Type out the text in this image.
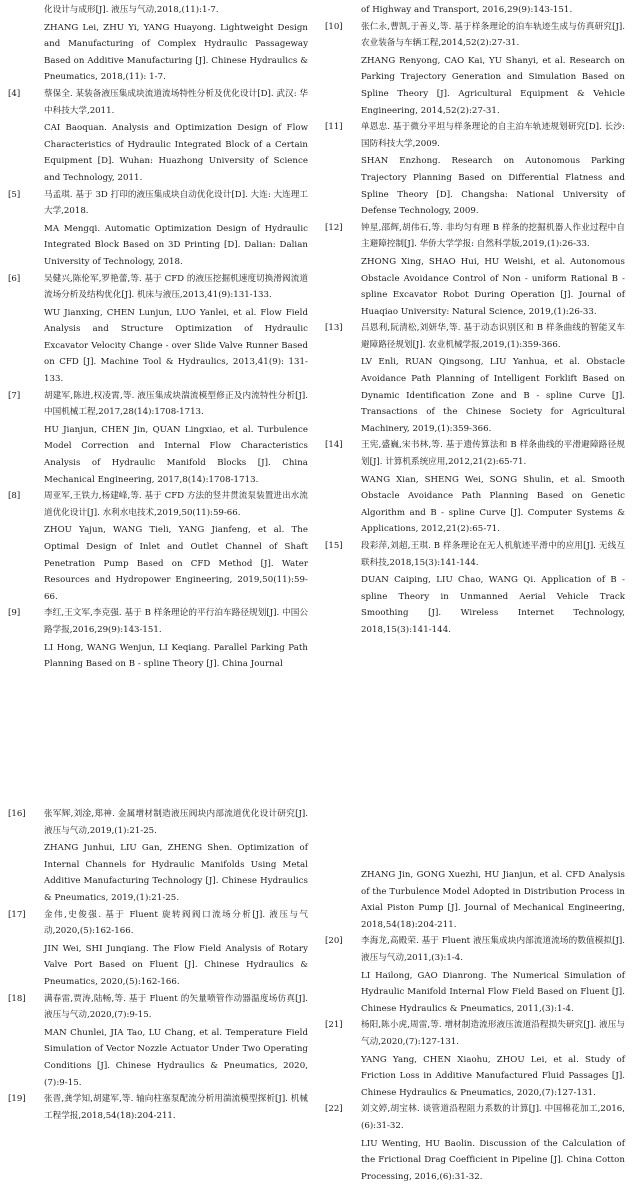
化设计与成形[J]. 液压与气动,2018,(11):1-7.

ZHANG Lei, ZHU Yi, YANG Huayong. Lightweight Design and Manufacturing of Complex Hydraulic Passageway Based on Additive Manufacturing [J]. Chinese Hydraulics & Pneumatics, 2018,(11): 1-7.

[4]	蔡保全. 某装备液压集成块流道流场特性分析及优化设计[D]. 武汉: 华中科技大学,2011.

CAI Baoquan. Analysis and Optimization Design of Flow Characteristics of Hydraulic Integrated Block of a Certain Equipment [D]. Wuhan: Huazhong University of Science and Technology, 2011.

[5]	马孟琪. 基于 3D 打印的液压集成块自动优化设计[D]. 大连: 大连理工大学,2018.

MA Mengqi. Automatic Optimization Design of Hydraulic Integrated Block Based on 3D Printing [D]. Dalian: Dalian University of Technology, 2018.

[6]	吴健兴,陈伦军,罗艳蕾,等. 基于 CFD 的液压挖掘机速度切换滑阀流道流场分析及结构优化[J]. 机床与液压,2013,41(9):131-133.

WU Jianxing, CHEN Lunjun, LUO Yanlei, et al. Flow Field Analysis and Structure Optimization of Hydraulic Excavator Velocity Change - over Slide Valve Runner Based on CFD [J]. Machine Tool & Hydraulics, 2013,41(9): 131-133.

[7]	胡建军,陈进,权凌霄,等. 液压集成块湍流模型修正及内流特性分析[J]. 中国机械工程,2017,28(14):1708-1713.

HU Jianjun, CHEN Jin, QUAN Lingxiao, et al. Turbulence Model Correction and Internal Flow Characteristics Analysis of Hydraulic Manifold Blocks [J]. China Mechanical Engineering, 2017,8(14):1708-1713.

[8]	周亚军,王铁力,杨建峰,等. 基于 CFD 方法的竖井贯流泵装置进出水流道优化设计[J]. 水利水电技术,2019,50(11):59-66.

ZHOU Yajun, WANG Tieli, YANG Jianfeng, et al. The Optimal Design of Inlet and Outlet Channel of Shaft Penetration Pump Based on CFD Method [J]. Water Resources and Hydropower Engineering, 2019,50(11):59-66.

[9]	李红,王文军,李克强. 基于 B 样条理论的平行泊车路径规划[J]. 中国公路学报,2016,29(9):143-151.

LI Hong, WANG Wenjun, LI Keqiang. Parallel Parking Path Planning Based on B - spline Theory [J]. China Journal

of Highway and Transport, 2016,29(9):143-151.

[10] 张仁永,曹凯,于善义,等. 基于样条理论的泊车轨迹生成与仿真研究[J]. 农业装备与车辆工程,2014,52(2):27-31.

ZHANG Renyong, CAO Kai, YU Shanyi, et al. Research on Parking Trajectory Generation and Simulation Based on Spline Theory [J]. Agricultural Equipment & Vehicle Engineering, 2014,52(2):27-31.

[11] 单恩忠. 基于微分平坦与样条理论的自主泊车轨迹规划研究[D]. 长沙: 国防科技大学,2009.

SHAN Enzhong. Research on Autonomous Parking Trajectory Planning Based on Differential Flatness and Spline Theory [D]. Changsha: National University of Defense Technology, 2009.

[12] 钟星,邵辉,胡伟石,等. 非均匀有理 B 样条的挖掘机器人作业过程中自主避障控制[J]. 华侨大学学报: 自然科学版,2019,(1):26-33.

ZHONG Xing, SHAO Hui, HU Weishi, et al. Autonomous Obstacle Avoidance Control of Non - uniform Rational B - spline Excavator Robot During Operation [J]. Journal of Huaqiao University: Natural Science, 2019,(1):26-33.

[13] 吕恩利,阮清松,刘妍华,等. 基于动态识别区和 B 样条曲线的智能叉车避障路径规划[J]. 农业机械学报,2019,(1):359-366.

LV Enli, RUAN Qingsong, LIU Yanhua, et al. Obstacle Avoidance Path Planning of Intelligent Forklift Based on Dynamic Identification Zone and B - spline Curve [J]. Transactions of the Chinese Society for Agricultural Machinery, 2019,(1):359-366.

[14] 王宪,盛巍,宋书林,等. 基于遗传算法和 B 样条曲线的平滑避障路径规划[J]. 计算机系统应用,2012,21(2):65-71.

WANG Xian, SHENG Wei, SONG Shulin, et al. Smooth Obstacle Avoidance Path Planning Based on Genetic Algorithm and B - spline Curve [J]. Computer Systems & Applications, 2012,21(2):65-71.

[15] 段彩萍,刘超,王琪. B 样条理论在无人机航迹平滑中的应用[J]. 无线互联科技,2018,15(3):141-144.

DUAN Caiping, LIU Chao, WANG Qi. Application of B - spline Theory in Unmanned Aerial Vehicle Track Smoothing [J]. Wireless Internet Technology, 2018,15(3):141-144.

[16] 张军辉,刘淦,郑神. 金属增材制造液压阀块内部流道优化设计研究[J]. 液压与气动,2019,(1):21-25.

ZHANG Junhui, LIU Gan, ZHENG Shen. Optimization of Internal Channels for Hydraulic Manifolds Using Metal Additive Manufacturing Technology [J]. Chinese Hydraulics & Pneumatics, 2019,(1):21-25.

[17] 金伟,史俊强. 基于 Fluent 旋转阀阀口流场分析[J]. 液压与气动,2020,(5):162-166.

JIN Wei, SHI Junqiang. The Flow Field Analysis of Rotary Valve Port Based on Fluent [J]. Chinese Hydraulics & Pneumatics, 2020,(5):162-166.

[18] 满春雷,贾涛,陆畅,等. 基于 Fluent 的矢量喷管作动器温度场仿真[J]. 液压与气动,2020,(7):9-15.

MAN Chunlei, JIA Tao, LU Chang, et al. Temperature Field Simulation of Vector Nozzle Actuator Under Two Operating Conditions [J]. Chinese Hydraulics & Pneumatics, 2020,(7):9-15.

[19] 张晋,龚学知,胡建军,等. 轴向柱塞泵配流分析用湍流模型探析[J]. 机械工程学报,2018,54(18):204-211.

ZHANG Jin, GONG Xuezhi, HU Jianjun, et al. CFD Analysis of the Turbulence Model Adopted in Distribution Process in Axial Piston Pump [J]. Journal of Mechanical Engineering, 2018,54(18):204-211.

[20] 李海龙,高殿荣. 基于 Fluent 液压集成块内部流道流场的数值模拟[J]. 液压与气动,2011,(3):1-4.

LI Hailong, GAO Dianrong. The Numerical Simulation of Hydraulic Manifold Internal Flow Field Based on Fluent [J]. Chinese Hydraulics & Pneumatics, 2011,(3):1-4.

[21] 杨阳,陈小虎,周雷,等. 增材制造流形液压流道沿程损失研究[J]. 液压与气动,2020,(7):127-131.

YANG Yang, CHEN Xiaohu, ZHOU Lei, et al. Study of Friction Loss in Additive Manufactured Fluid Passages [J]. Chinese Hydraulics & Pneumatics, 2020,(7):127-131.

[22] 刘文婷,胡宝林. 谈管道沿程阻力系数的计算[J]. 中国棉花加工,2016,(6):31-32.

LIU Wenting, HU Baolin. Discussion of the Calculation of the Frictional Drag Coefficient in Pipeline [J]. China Cotton Processing, 2016,(6):31-32.
